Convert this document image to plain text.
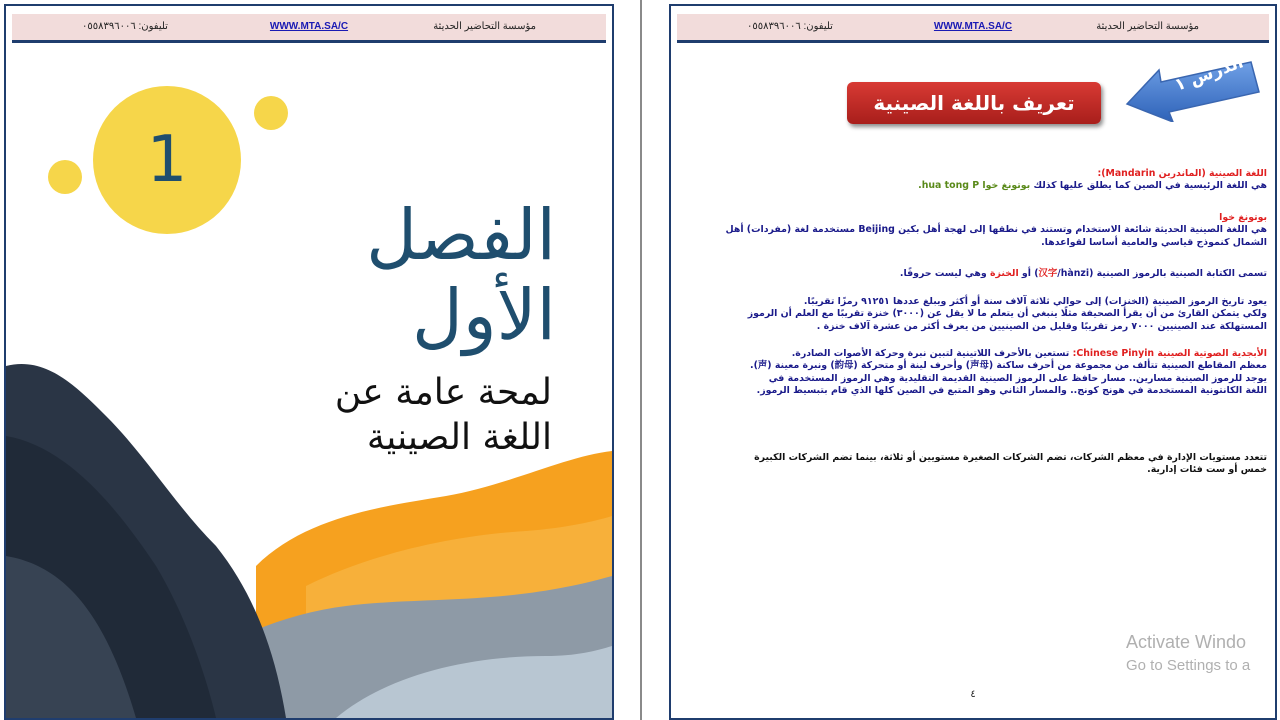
مؤسسة التحاضير الحديثة
WWW.MTA.SA/C
تليفون: ٠٥٥٨٣٩٦٠٠٦
1
الفصل
الأول
لمحة عامة عن
اللغة الصينية
مؤسسة التحاضير الحديثة
WWW.MTA.SA/C
تليفون: ٠٥٥٨٣٩٦٠٠٦
تعريف باللغة الصينية
الدرس ١
اللغة الصينية (الماندرين Mandarin):
هي اللغة الرئيسية في الصين كما يطلق عليها كذلك بوتونغ خوا hua tong P.
بوتونغ خوا
هي اللغة الصينية الحديثة شائعة الاستخدام وتستند في نطقها إلى لهجة أهل بكين Beijing مستخدمة لغة (مفردات) أهل
الشمال كنموذج قياسي والعامية أساسا لقواعدها.
تسمى الكتابة الصينية بالرموز الصينية (汉字/hànzi) أو الخنزة وهي ليست حروفًا.
يعود تاريخ الرموز الصينية (الخنزات) إلى حوالي ثلاثة آلاف سنة أو أكثر ويبلغ عددها ٩١٢٥١ رمزًا تقريبًا.
ولكي يتمكن القارئ من أن يقرأ الصحيفة مثلًا ينبغي أن يتعلم ما لا يقل عن (٣٠٠٠) خنزة تقريبًا مع العلم أن الرموز
المستهلكة عند الصينيين ٧٠٠٠ رمز تقريبًا وقليل من الصينيين من يعرف أكثر من عشرة آلاف خنزة .
الأبجدية الصوتية الصينية Chinese Pinyin: تستعين بالأحرف اللاتينية لتبين نبرة وحركة الأصوات الصادرة.
معظم المقاطع الصينية تتألف من مجموعة من أحرف ساكنة (声母) وأحرف لينة أو متحركة (韵母) ونبرة معينة (声).
يوجد للرموز الصينية مسارين.. مسار حافظ على الرموز الصينية القديمة التقليدية وهي الرموز المستخدمة في
اللغة الكانتونية المستخدمة في هونج كونج.. والمسار الثاني وهو المتبع في الصين كلها الذي قام بتبسيط الرموز.
تتعدد مستويات الإدارة في معظم الشركات، تضم الشركات الصغيرة مستويين أو ثلاثة، بينما تضم الشركات الكبيرة
خمس أو ست فئات إدارية.
٤
Activate Windo
Go to Settings to a
